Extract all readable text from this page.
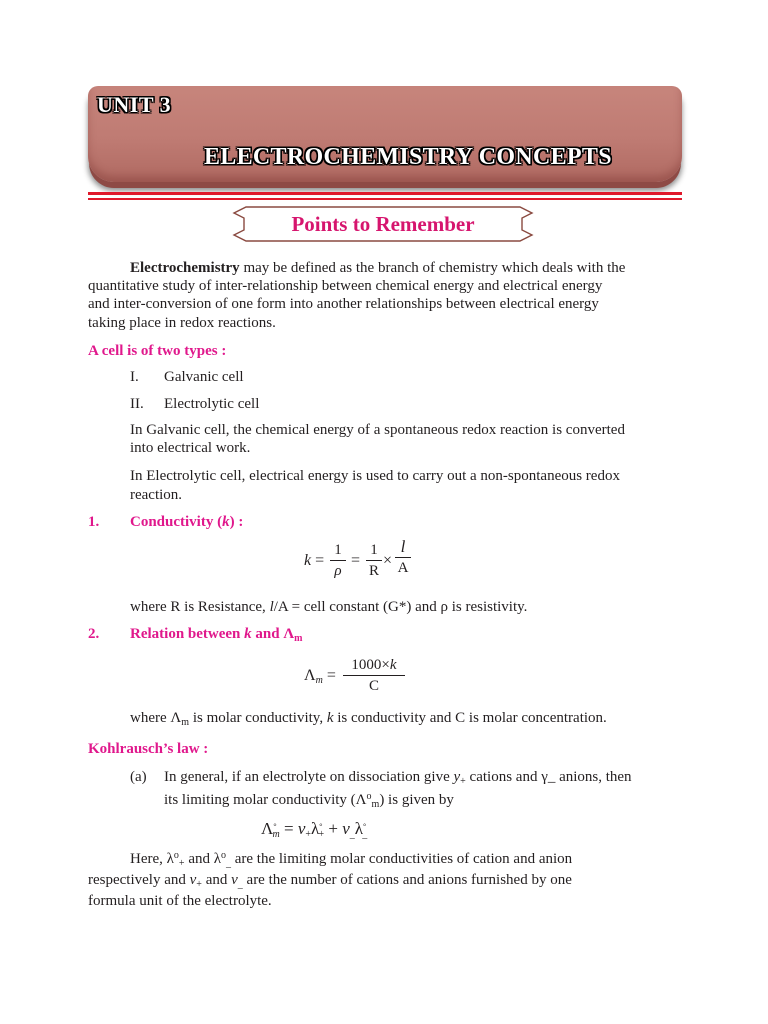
UNIT 3
ELECTROCHEMISTRY CONCEPTS
Points to Remember
Electrochemistry may be defined as the branch of chemistry which deals with the
quantitative study of inter-relationship between chemical energy and electrical energy
and inter-conversion of one form into another relationships between electrical energy
taking place in redox reactions.
A cell is of two types :
I. Galvanic cell
II. Electrolytic cell
In Galvanic cell, the chemical energy of a spontaneous redox reaction is converted
into electrical work.
In Electrolytic cell, electrical energy is used to carry out a non-spontaneous redox
reaction.
1. Conductivity (k) :
k =
1
ρ
=
1
R
×
l
A
where R is Resistance, l/A = cell constant (G*) and ρ is resistivity.
2. Relation between k and $\Lambda_m$
$\Lambda_m$ =
1000×k
C
where $\Lambda_m$ is molar conductivity, k is conductivity and C is molar concentration.
Kohlrausch’s law :
(a) In general, if an electrolyte on dissociation give $y_+$ cations and γ_ anions, then
its limiting molar conductivity $(\Lambda^o_m)$ is given by
$\Lambda^\circ_m = v_+\lambda^\circ_+ + v_{\_}\lambda^\circ_{\_}$
Here, $\lambda^o_+$ and $\lambda^o_{\_}$ are the limiting molar conductivities of cation and anion
respectively and $v_+$ and $v_{\_}$ are the number of cations and anions furnished by one
formula unit of the electrolyte.
